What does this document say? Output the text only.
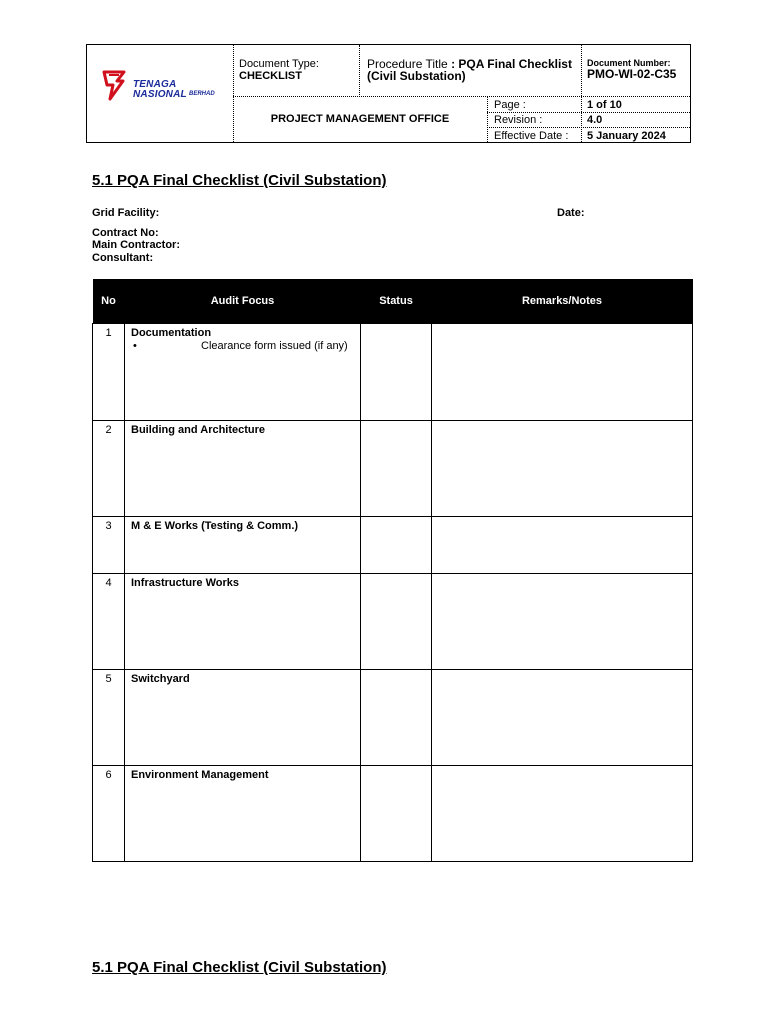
TENAGA
NASIONAL BERHAD
Document Type:
CHECKLIST
Procedure Title : PQA Final Checklist
(Civil Substation)
Document Number:
PMO-WI-02-C35
PROJECT MANAGEMENT OFFICE
Page :	1 of 10
Revision :	4.0
Effective Date : 5 January 2024
5.1 PQA Final Checklist (Civil Substation)
Grid Facility:	Date:
Contract No:
Main Contractor:
Consultant:
No	Audit Focus	Status	Remarks/Notes
1	Documentation
• Clearance form issued (if any)		

2	Building and Architecture		
3	M & E Works (Testing & Comm.)		
4	Infrastructure Works		
5	Switchyard		
6	Environment Management		
5.1 PQA Final Checklist (Civil Substation)
